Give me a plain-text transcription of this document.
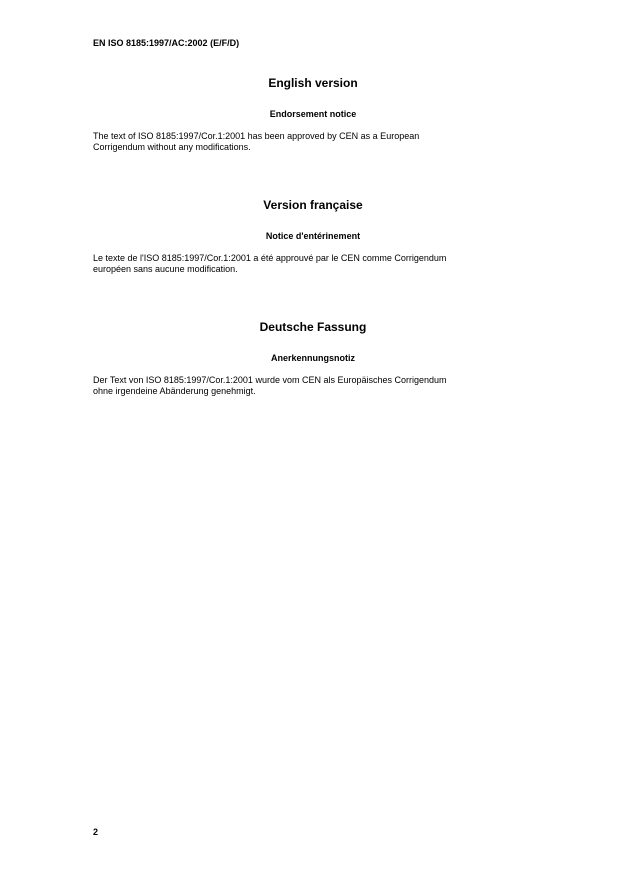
EN ISO 8185:1997/AC:2002 (E/F/D)
English version
Endorsement notice

The text of ISO 8185:1997/Cor.1:2001 has been approved by CEN as a European
Corrigendum without any modifications.

Version française
Notice d'entérinement

Le texte de l'ISO 8185:1997/Cor.1:2001 a été approuvé par le CEN comme Corrigendum
européen sans aucune modification.

Deutsche Fassung
Anerkennungsnotiz

Der Text von ISO 8185:1997/Cor.1:2001 wurde vom CEN als Europäisches Corrigendum
ohne irgendeine Abänderung genehmigt.

2
